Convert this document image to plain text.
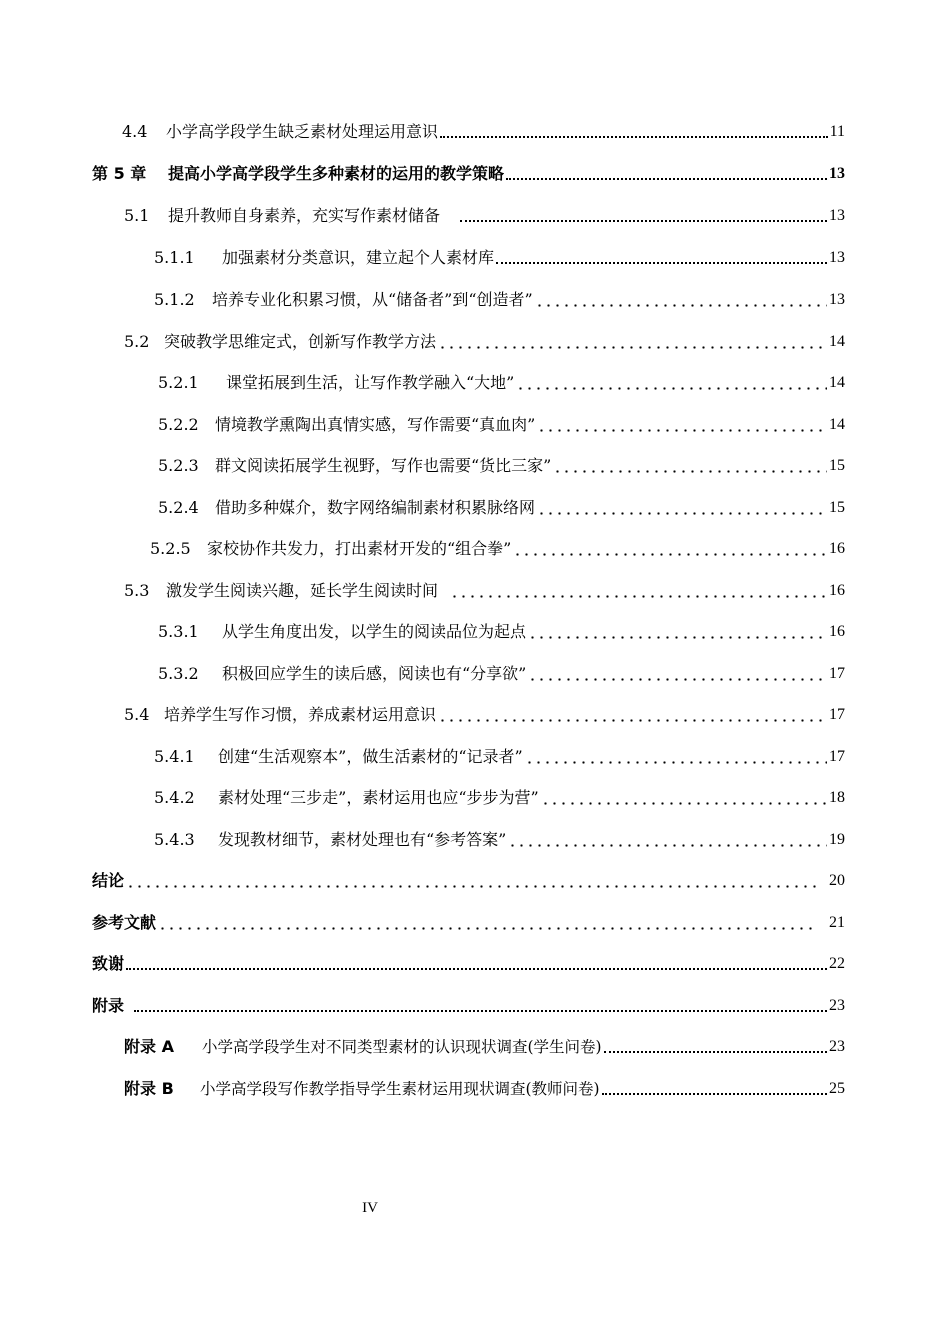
4.4	小学高学段学生缺乏素材处理运用意识	11
第 5 章	提高小学高学段学生多种素材的运用的教学策略	13
5.1	提升教师自身素养，充实写作素材储备	13
5.1.1	加强素材分类意识，建立起个人素材库	13
5.1.2	培养专业化积累习惯，从“储备者”到“创造者”	13
5.2 突破教学思维定式，创新写作教学方法	14
5.2.1	课堂拓展到生活，让写作教学融入“大地”	14
5.2.2	情境教学熏陶出真情实感，写作需要“真血肉”	14
5.2.3	群文阅读拓展学生视野，写作也需要“货比三家”	15
5.2.4	借助多种媒介，数字网络编制素材积累脉络网	15
5.2.5	家校协作共发力，打出素材开发的“组合拳”	16
5.3	激发学生阅读兴趣，延长学生阅读时间	16
5.3.1	从学生角度出发，以学生的阅读品位为起点	16
5.3.2	积极回应学生的读后感，阅读也有“分享欲”	17
5.4 培养学生写作习惯，养成素材运用意识	17
5.4.1	创建“生活观察本”，做生活素材的“记录者”	17
5.4.2	素材处理“三步走”，素材运用也应“步步为营”	18
5.4.3	发现教材细节，素材处理也有“参考答案”	19
结论	20
参考文献	21
致谢	22
附录	23
附录 A	小学高学段学生对不同类型素材的认识现状调查(学生问卷)	23
附录 B	小学高学段写作教学指导学生素材运用现状调查(教师问卷)	25
IV
